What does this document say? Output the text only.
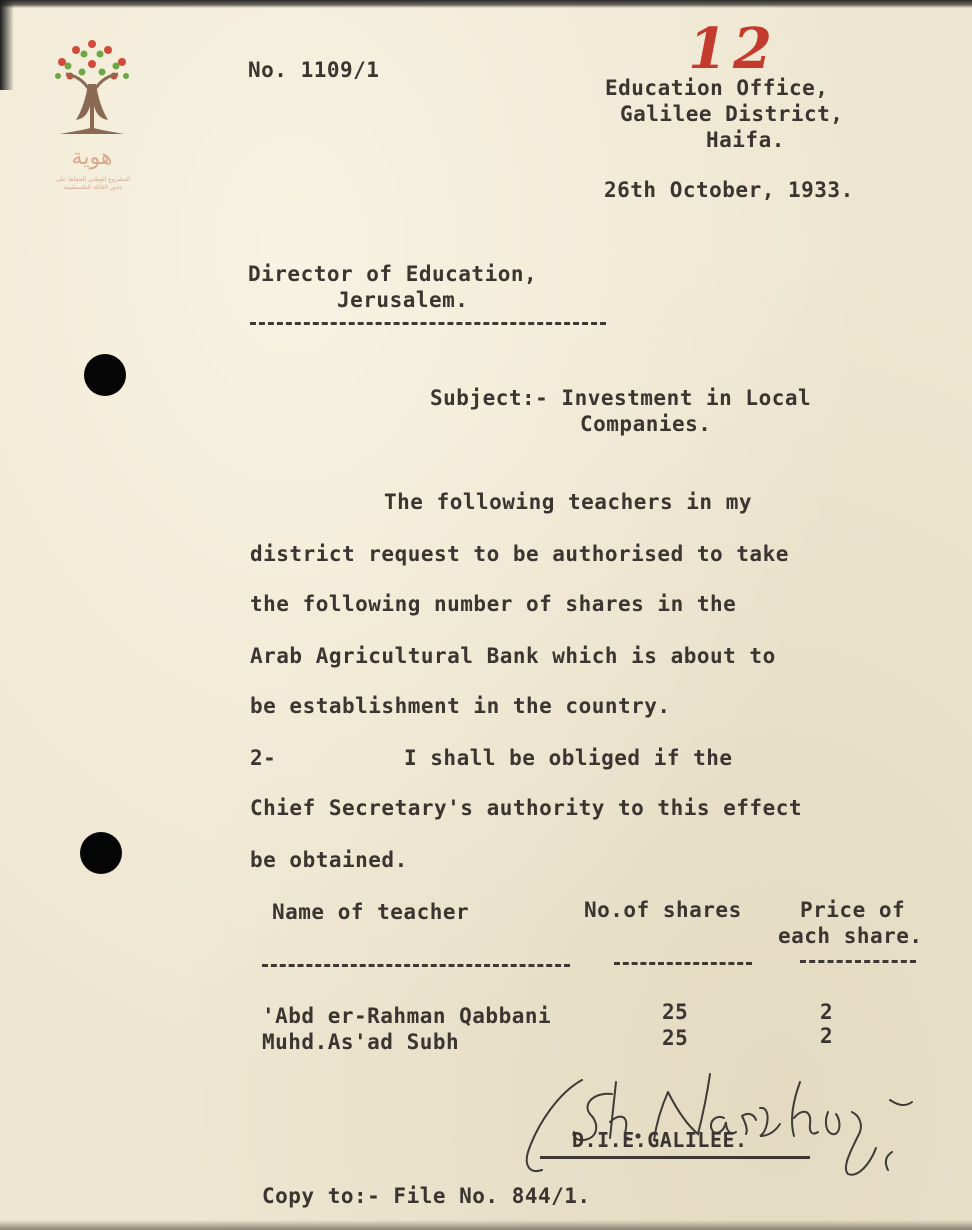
هوية
المشروع الوطني للحفاظ على
جذور العائلة الفلسطينية
12
No. 1109/1
Education Office,
Galilee District,
Haifa.
26th October, 1933.
Director of Education,
Jerusalem.
Subject:- Investment in Local
Companies.
The following teachers in my
district request to be authorised to take
the following number of shares in the
Arab Agricultural Bank which is about to
be establishment in the country.
2-	I shall be obliged if the
Chief Secretary's authority to this effect
be obtained.
Name of teacher	No.of shares	Price of
each share.
'Abd er-Rahman Qabbani	25	2
Muhd.As'ad Subh	25	2
D.I.E.GALILEE.
Copy to:- File No. 844/1.
